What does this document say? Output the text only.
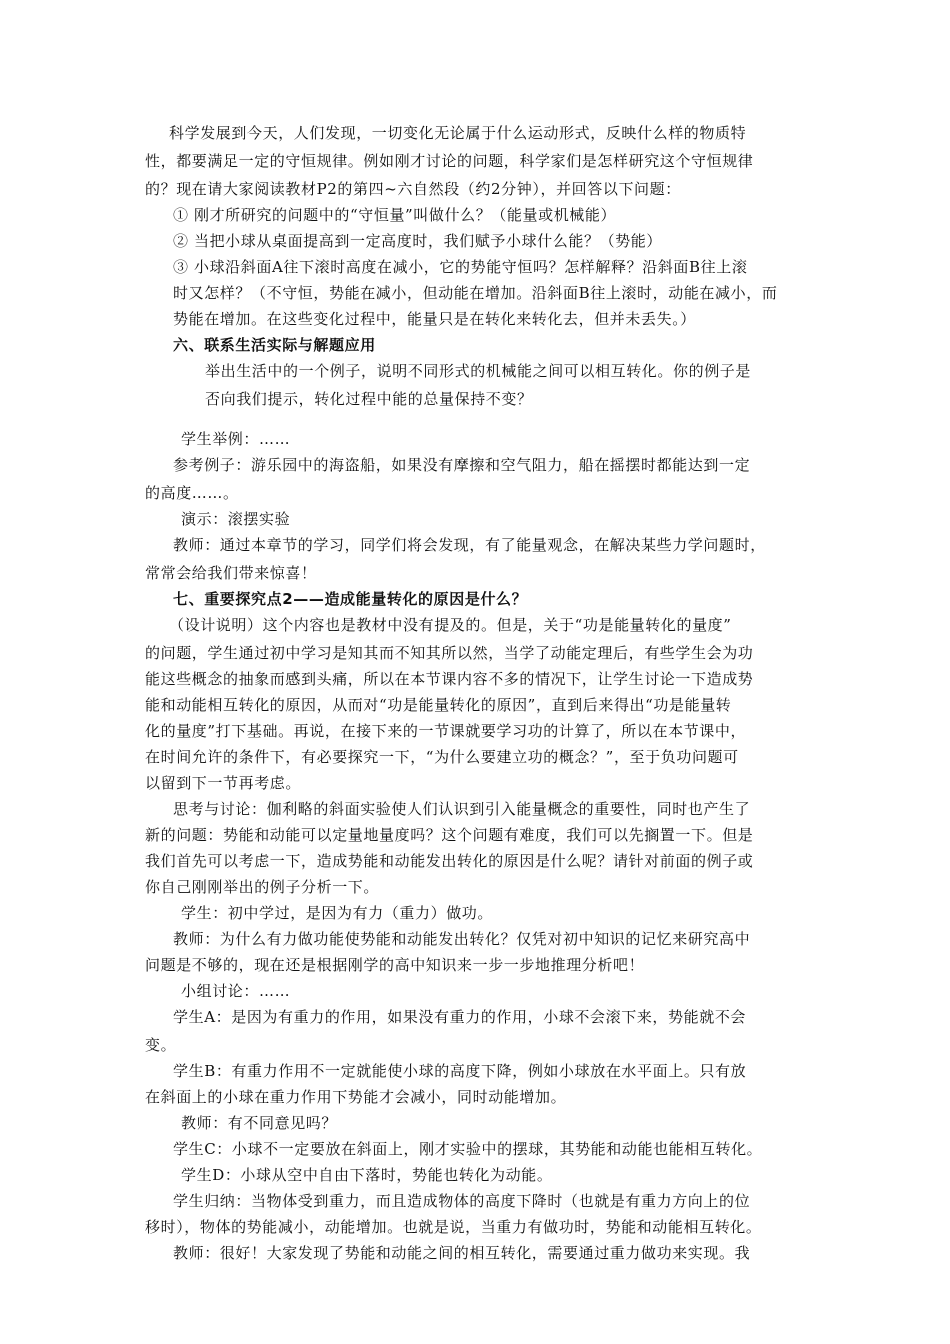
科学发展到今天，人们发现，一切变化无论属于什么运动形式，反映什么样的物质特
性，都要满足一定的守恒规律。例如刚才讨论的问题，科学家们是怎样研究这个守恒规律
的？现在请大家阅读教材P2的第四~六自然段（约2分钟），并回答以下问题：
① 刚才所研究的问题中的“守恒量”叫做什么？（能量或机械能）
② 当把小球从桌面提高到一定高度时，我们赋予小球什么能？（势能）
③ 小球沿斜面A往下滚时高度在减小，它的势能守恒吗？怎样解释？沿斜面B往上滚
时又怎样？（不守恒，势能在减小，但动能在增加。沿斜面B往上滚时，动能在减小，而
势能在增加。在这些变化过程中，能量只是在转化来转化去，但并未丢失。）
六、联系生活实际与解题应用
举出生活中的一个例子，说明不同形式的机械能之间可以相互转化。你的例子是
否向我们提示，转化过程中能的总量保持不变？
学生举例：……
参考例子：游乐园中的海盗船，如果没有摩擦和空气阻力，船在摇摆时都能达到一定
的高度……。
演示：滚摆实验
教师：通过本章节的学习，同学们将会发现，有了能量观念，在解决某些力学问题时，
常常会给我们带来惊喜！
七、重要探究点2——造成能量转化的原因是什么？
（设计说明）这个内容也是教材中没有提及的。但是，关于“功是能量转化的量度”
的问题，学生通过初中学习是知其而不知其所以然，当学了动能定理后，有些学生会为功
能这些概念的抽象而感到头痛，所以在本节课内容不多的情况下，让学生讨论一下造成势
能和动能相互转化的原因，从而对“功是能量转化的原因”，直到后来得出“功是能量转
化的量度”打下基础。再说，在接下来的一节课就要学习功的计算了，所以在本节课中，
在时间允许的条件下，有必要探究一下，“为什么要建立功的概念？”，至于负功问题可
以留到下一节再考虑。
思考与讨论：伽利略的斜面实验使人们认识到引入能量概念的重要性，同时也产生了
新的问题：势能和动能可以定量地量度吗？这个问题有难度，我们可以先搁置一下。但是
我们首先可以考虑一下，造成势能和动能发出转化的原因是什么呢？请针对前面的例子或
你自己刚刚举出的例子分析一下。
学生：初中学过，是因为有力（重力）做功。
教师：为什么有力做功能使势能和动能发出转化？仅凭对初中知识的记忆来研究高中
问题是不够的，现在还是根据刚学的高中知识来一步一步地推理分析吧！
小组讨论：……
学生A：是因为有重力的作用，如果没有重力的作用，小球不会滚下来，势能就不会
变。
学生B：有重力作用不一定就能使小球的高度下降，例如小球放在水平面上。只有放
在斜面上的小球在重力作用下势能才会减小，同时动能增加。
教师：有不同意见吗？
学生C：小球不一定要放在斜面上，刚才实验中的摆球，其势能和动能也能相互转化。
学生D：小球从空中自由下落时，势能也转化为动能。
学生归纳：当物体受到重力，而且造成物体的高度下降时（也就是有重力方向上的位
移时），物体的势能减小，动能增加。也就是说，当重力有做功时，势能和动能相互转化。
教师：很好！大家发现了势能和动能之间的相互转化，需要通过重力做功来实现。我
